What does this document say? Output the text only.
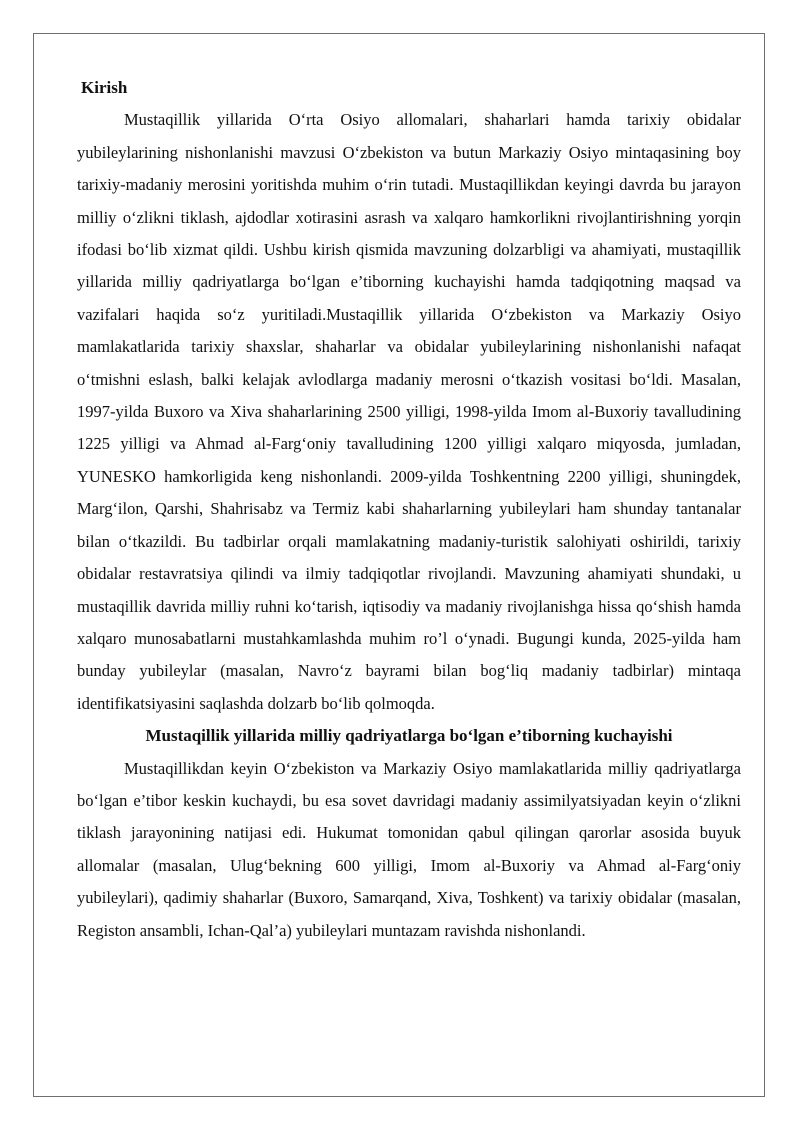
Kirish

Mustaqillik yillarida O‘rta Osiyo allomalari, shaharlari hamda tarixiy obidalar yubileylarining nishonlanishi mavzusi O‘zbekiston va butun Markaziy Osiyo mintaqasining boy tarixiy-madaniy merosini yoritishda muhim o‘rin tutadi. Mustaqillikdan keyingi davrda bu jarayon milliy o‘zlikni tiklash, ajdodlar xotirasini asrash va xalqaro hamkorlikni rivojlantirishning yorqin ifodasi bo‘lib xizmat qildi. Ushbu kirish qismida mavzuning dolzarbligi va ahamiyati, mustaqillik yillarida milliy qadriyatlarga bo‘lgan e’tiborning kuchayishi hamda tadqiqotning maqsad va vazifalari haqida so‘z yuritiladi.Mustaqillik yillarida O‘zbekiston va Markaziy Osiyo mamlakatlarida tarixiy shaxslar, shaharlar va obidalar yubileylarining nishonlanishi nafaqat o‘tmishni eslash, balki kelajak avlodlarga madaniy merosni o‘tkazish vositasi bo‘ldi. Masalan, 1997-yilda Buxoro va Xiva shaharlarining 2500 yilligi, 1998-yilda Imom al-Buxoriy tavalludining 1225 yilligi va Ahmad al-Farg‘oniy tavalludining 1200 yilligi xalqaro miqyosda, jumladan, YUNESKO hamkorligida keng nishonlandi. 2009-yilda Toshkentning 2200 yilligi, shuningdek, Marg‘ilon, Qarshi, Shahrisabz va Termiz kabi shaharlarning yubileylari ham shunday tantanalar bilan o‘tkazildi. Bu tadbirlar orqali mamlakatning madaniy-turistik salohiyati oshirildi, tarixiy obidalar restavratsiya qilindi va ilmiy tadqiqotlar rivojlandi. Mavzuning ahamiyati shundaki, u mustaqillik davrida milliy ruhni ko‘tarish, iqtisodiy va madaniy rivojlanishga hissa qo‘shish hamda xalqaro munosabatlarni mustahkamlashda muhim ro’l o‘ynadi. Bugungi kunda, 2025-yilda ham bunday yubileylar (masalan, Navro‘z bayrami bilan bog‘liq madaniy tadbirlar) mintaqa identifikatsiyasini saqlashda dolzarb bo‘lib qolmoqda.

Mustaqillik yillarida milliy qadriyatlarga bo‘lgan e’tiborning kuchayishi

Mustaqillikdan keyin O‘zbekiston va Markaziy Osiyo mamlakatlarida milliy qadriyatlarga bo‘lgan e’tibor keskin kuchaydi, bu esa sovet davridagi madaniy assimilyatsiyadan keyin o‘zlikni tiklash jarayonining natijasi edi. Hukumat tomonidan qabul qilingan qarorlar asosida buyuk allomalar (masalan, Ulug‘bekning 600 yilligi, Imom al-Buxoriy va Ahmad al-Farg‘oniy yubileylari), qadimiy shaharlar (Buxoro, Samarqand, Xiva, Toshkent) va tarixiy obidalar (masalan, Registon ansambli, Ichan-Qal’a) yubileylari muntazam ravishda nishonlandi.
